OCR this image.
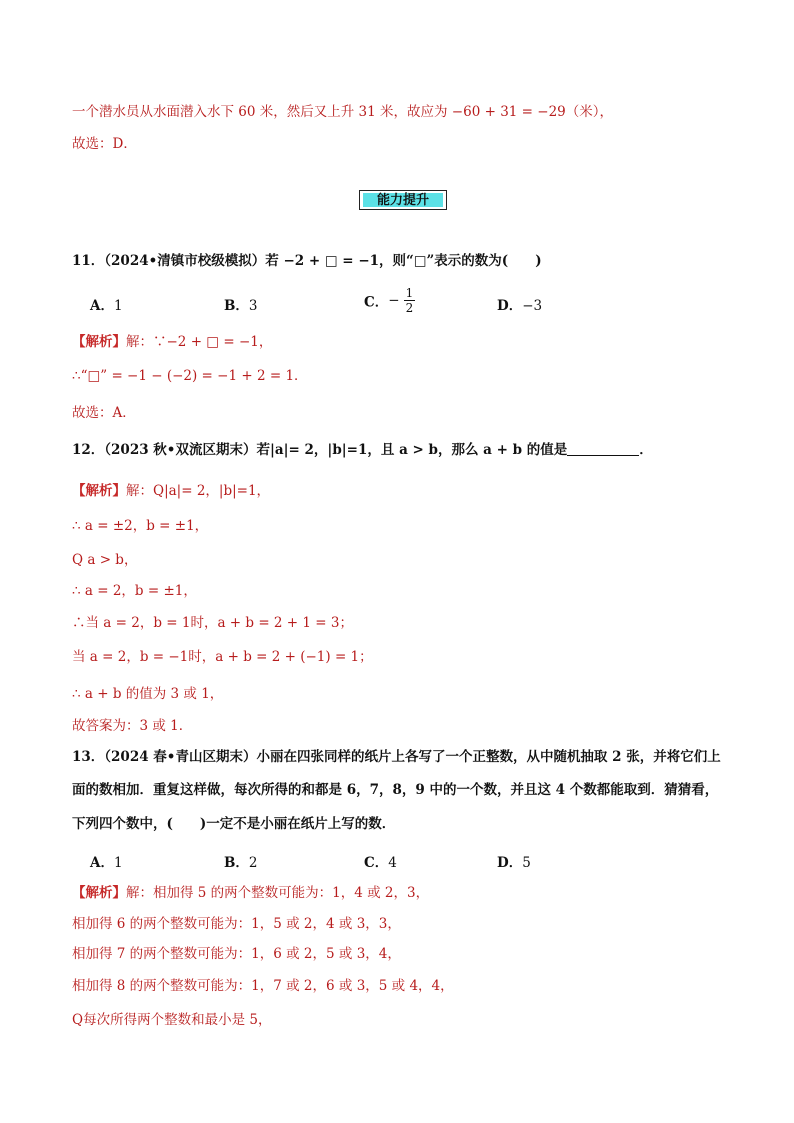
一个潜水员从水面潜入水下 60 米，然后又上升 31 米，故应为 −60 + 31 = −29（米），
故选：D．
能力提升
11．（2024•清镇市校级模拟）若 −2 + □ = −1，则“□”表示的数为(　　)
A．1	B．3	C．− $\frac{1}{2}$	D．−3
【解析】解：∵−2 + □ = −1，
∴“□” = −1 − (−2) = −1 + 2 = 1．
故选：A．
12．（2023 秋•双流区期末）若|a|= 2，|b|=1，且 a > b，那么 a + b 的值是	．
【解析】解：Q|a|= 2，|b|=1，
∴ a = ±2，b = ±1，
Q a > b，
∴ a = 2，b = ±1，
∴当 a = 2，b = 1时，a + b = 2 + 1 = 3；
当 a = 2，b = −1时，a + b = 2 + (−1) = 1；
∴ a + b 的值为 3 或 1，
故答案为：3 或 1．
13．（2024 春•青山区期末）小丽在四张同样的纸片上各写了一个正整数，从中随机抽取 2 张，并将它们上
面的数相加．重复这样做，每次所得的和都是 6，7，8，9 中的一个数，并且这 4 个数都能取到．猜猜看，
下列四个数中，(　　)一定不是小丽在纸片上写的数．
A．1	B．2	C．4	D．5
【解析】解：相加得 5 的两个整数可能为：1，4 或 2，3，
相加得 6 的两个整数可能为：1，5 或 2，4 或 3，3，
相加得 7 的两个整数可能为：1，6 或 2，5 或 3，4，
相加得 8 的两个整数可能为：1，7 或 2，6 或 3，5 或 4，4，
Q每次所得两个整数和最小是 5，
